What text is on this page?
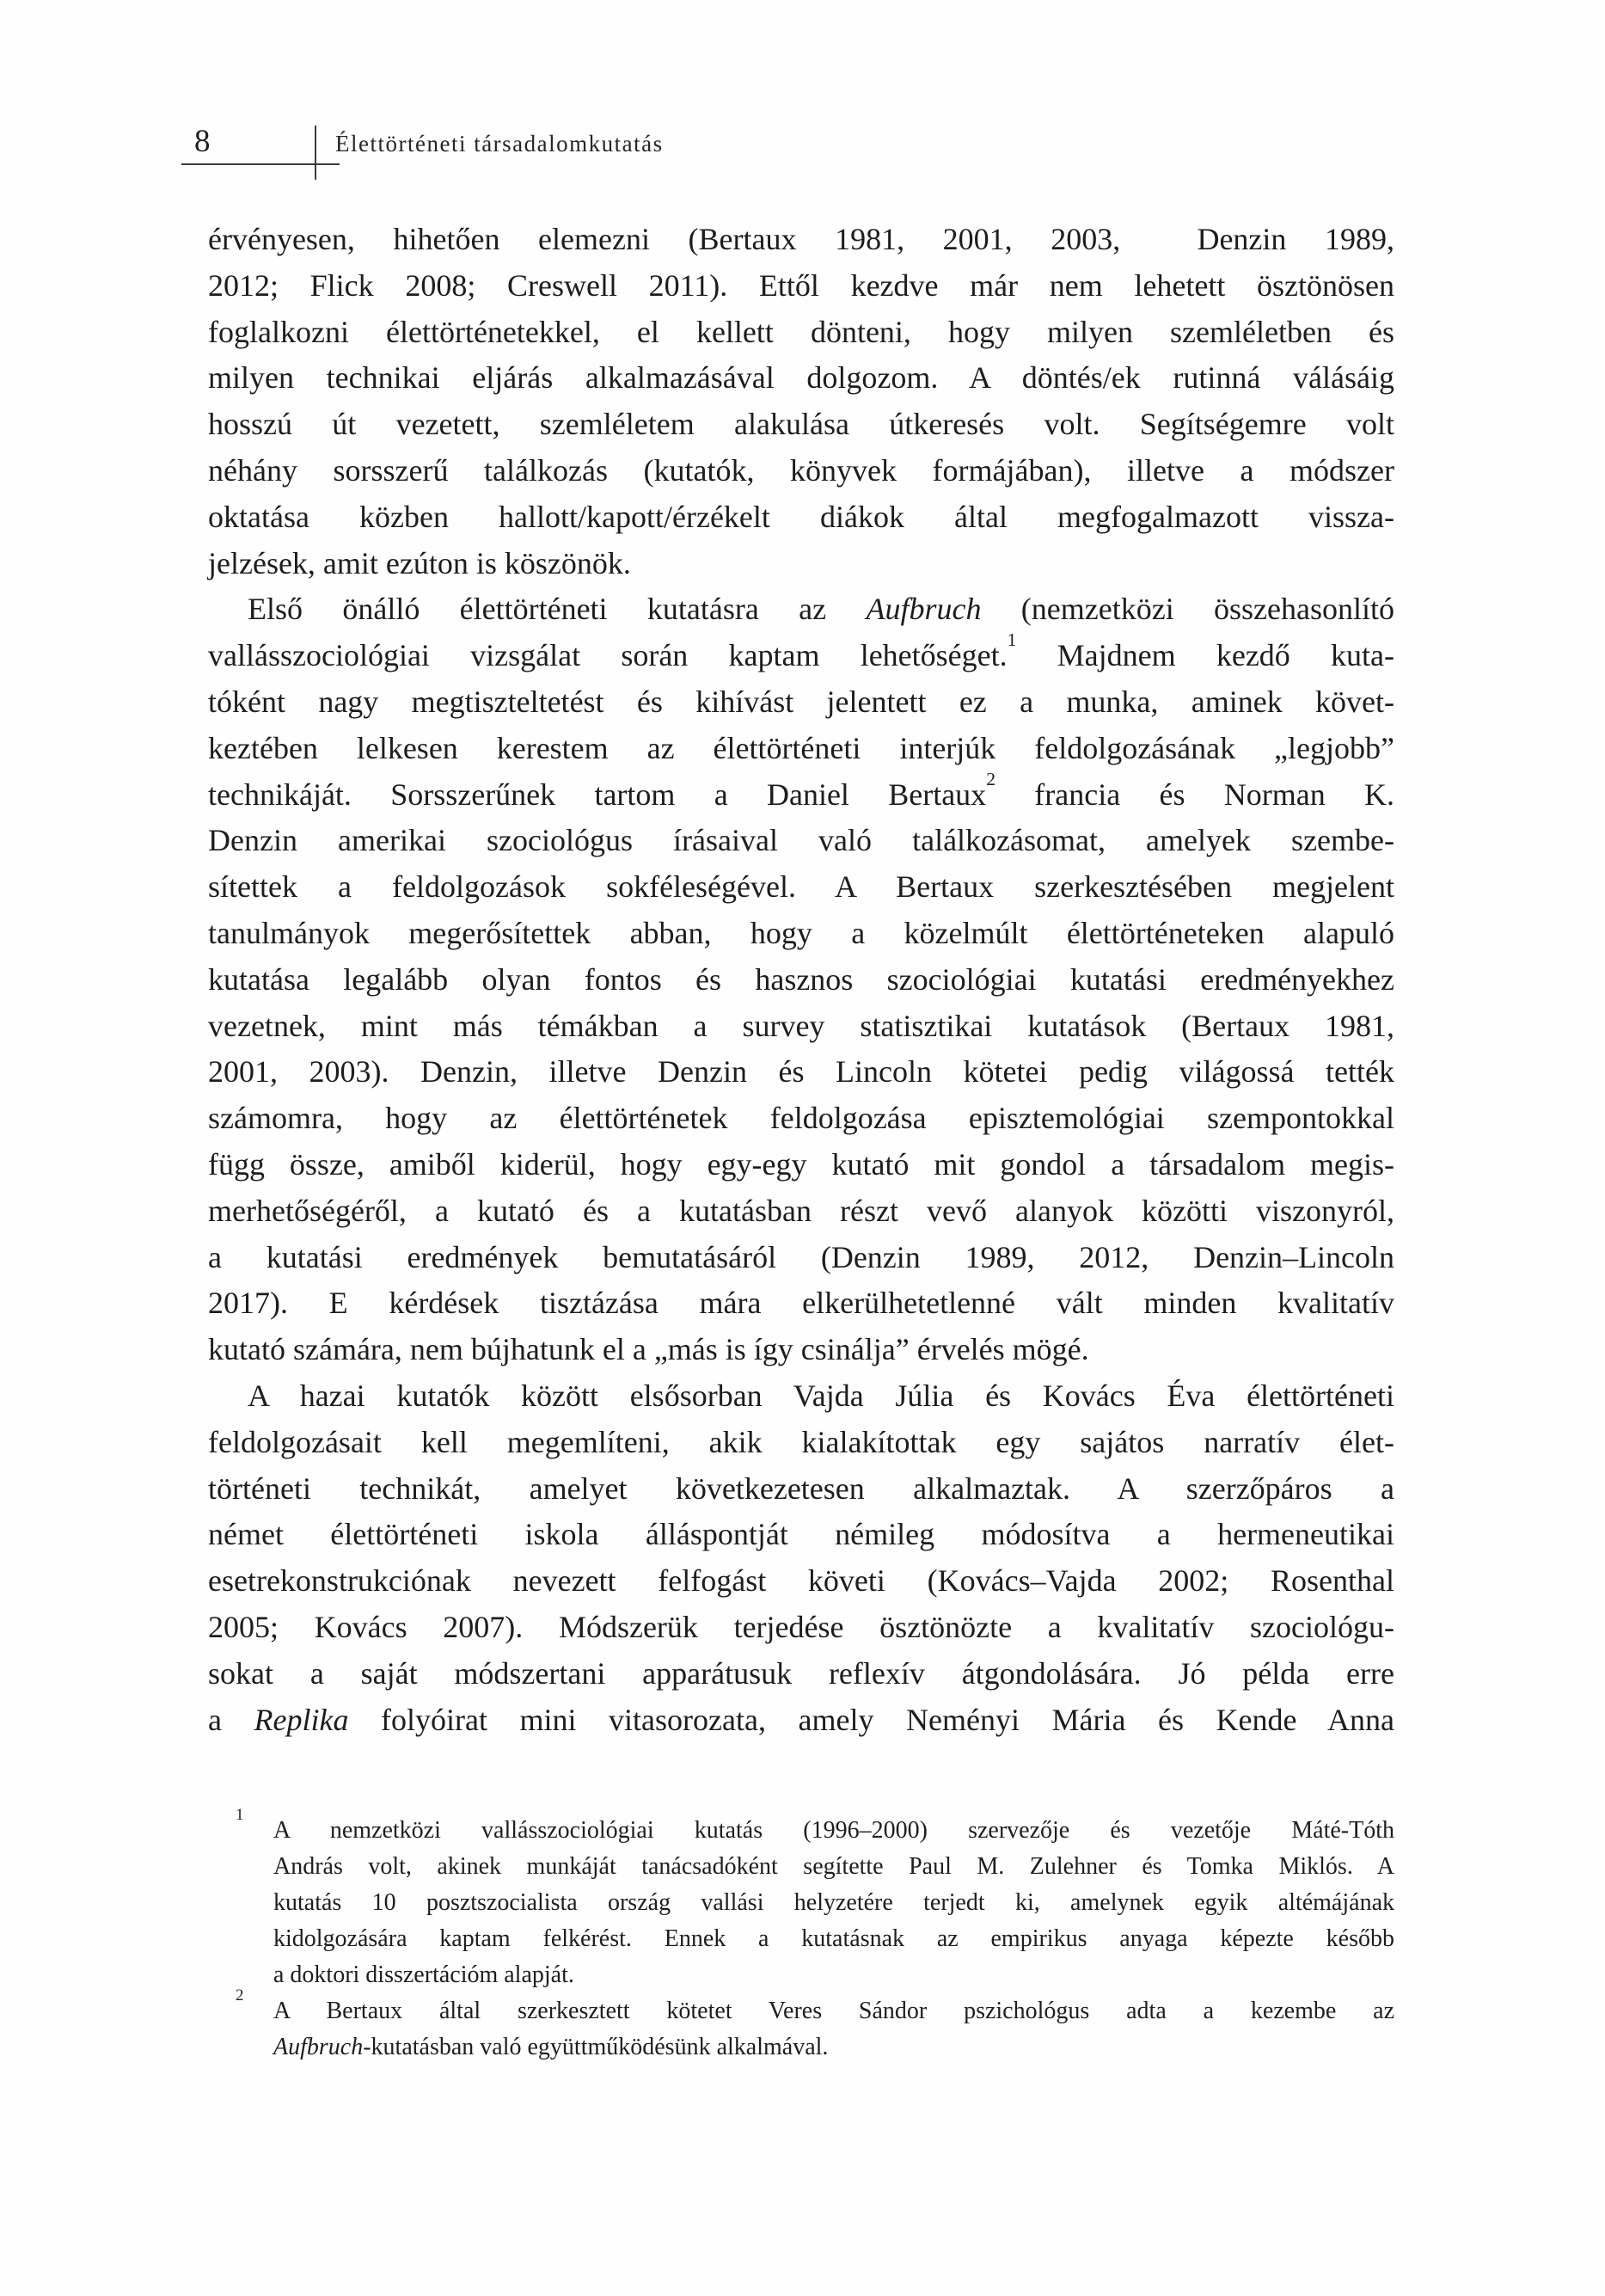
8	Élettörténeti társadalomkutatás
érvényesen, hihetően elemezni (Bertaux 1981, 2001, 2003,  Denzin 1989,
2012; Flick 2008; Creswell 2011). Ettől kezdve már nem lehetett ösztönösen
foglalkozni élettörténetekkel, el kellett dönteni, hogy milyen szemléletben és
milyen technikai eljárás alkalmazásával dolgozom. A döntés/ek rutinná válásáig
hosszú út vezetett, szemléletem alakulása útkeresés volt. Segítségemre volt
néhány sorsszerű találkozás (kutatók, könyvek formájában), illetve a módszer
oktatása közben hallott/kapott/érzékelt diákok által megfogalmazott vissza-
jelzések, amit ezúton is köszönök.
Első önálló élettörténeti kutatásra az Aufbruch (nemzetközi összehasonlító
vallásszociológiai vizsgálat során kaptam lehetőséget.$^1$ Majdnem kezdő kuta-
tóként nagy megtiszteltetést és kihívást jelentett ez a munka, aminek követ-
keztében lelkesen kerestem az élettörténeti interjúk feldolgozásának „legjobb”
technikáját. Sorsszerűnek tartom a Daniel Bertaux$^2$ francia és Norman K.
Denzin amerikai szociológus írásaival való találkozásomat, amelyek szembe-
sítettek a feldolgozások sokféleségével. A Bertaux szerkesztésében megjelent
tanulmányok megerősítettek abban, hogy a közelmúlt élettörténeteken alapuló
kutatása legalább olyan fontos és hasznos szociológiai kutatási eredményekhez
vezetnek, mint más témákban a survey statisztikai kutatások (Bertaux 1981,
2001, 2003). Denzin, illetve Denzin és Lincoln kötetei pedig világossá tették
számomra, hogy az élettörténetek feldolgozása episztemológiai szempontokkal
függ össze, amiből kiderül, hogy egy-egy kutató mit gondol a társadalom megis-
merhetőségéről, a kutató és a kutatásban részt vevő alanyok közötti viszonyról,
a kutatási eredmények bemutatásáról (Denzin 1989, 2012, Denzin–Lincoln
2017). E kérdések tisztázása mára elkerülhetetlenné vált minden kvalitatív
kutató számára, nem bújhatunk el a „más is így csinálja” érvelés mögé.
A hazai kutatók között elsősorban Vajda Júlia és Kovács Éva élettörténeti
feldolgozásait kell megemlíteni, akik kialakítottak egy sajátos narratív élet-
történeti technikát, amelyet következetesen alkalmaztak. A szerzőpáros a
német élettörténeti iskola álláspontját némileg módosítva a hermeneutikai
esetrekonstrukciónak nevezett felfogást követi (Kovács–Vajda 2002; Rosenthal
2005; Kovács 2007). Módszerük terjedése ösztönözte a kvalitatív szociológu-
sokat a saját módszertani apparátusuk reflexív átgondolására. Jó példa erre
a Replika folyóirat mini vitasorozata, amely Neményi Mária és Kende Anna
1
A nemzetközi vallásszociológiai kutatás (1996–2000) szervezője és vezetője Máté-Tóth
András volt, akinek munkáját tanácsadóként segítette Paul M. Zulehner és Tomka Miklós. A
kutatás 10 posztszocialista ország vallási helyzetére terjedt ki, amelynek egyik altémájának
kidolgozására kaptam felkérést. Ennek a kutatásnak az empirikus anyaga képezte később
a doktori disszertációm alapját.
2
A Bertaux által szerkesztett kötetet Veres Sándor pszichológus adta a kezembe az
Aufbruch-kutatásban való együttműködésünk alkalmával.
